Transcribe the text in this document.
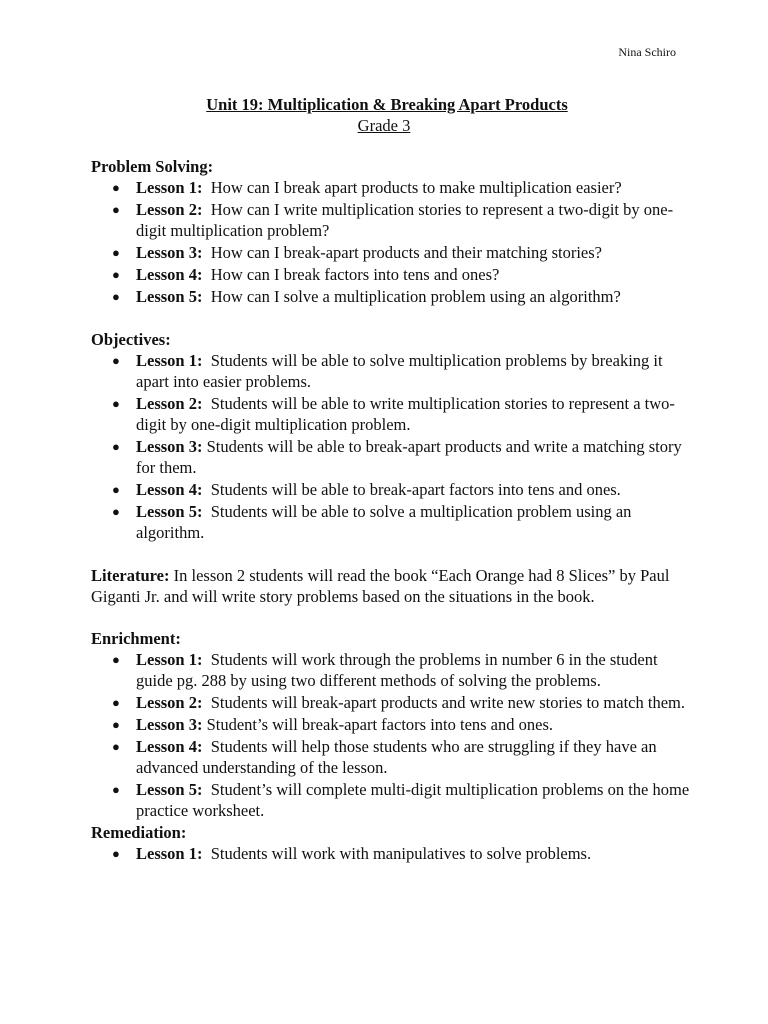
Nina Schiro
Unit 19: Multiplication & Breaking Apart Products
Grade 3

Problem Solving:

● Lesson 1: How can I break apart products to make multiplication easier?
● Lesson 2: How can I write multiplication stories to represent a two-digit by one-digit multiplication problem?
● Lesson 3: How can I break-apart products and their matching stories?
● Lesson 4: How can I break factors into tens and ones?
● Lesson 5: How can I solve a multiplication problem using an algorithm?

Objectives:

● Lesson 1: Students will be able to solve multiplication problems by breaking it apart into easier problems.
● Lesson 2: Students will be able to write multiplication stories to represent a two-digit by one-digit multiplication problem.
● Lesson 3: Students will be able to break-apart products and write a matching story for them.
● Lesson 4: Students will be able to break-apart factors into tens and ones.
● Lesson 5: Students will be able to solve a multiplication problem using an algorithm.

Literature: In lesson 2 students will read the book “Each Orange had 8 Slices” by Paul Giganti Jr. and will write story problems based on the situations in the book.

Enrichment:

● Lesson 1: Students will work through the problems in number 6 in the student guide pg. 288 by using two different methods of solving the problems.
● Lesson 2: Students will break-apart products and write new stories to match them.
● Lesson 3: Student’s will break-apart factors into tens and ones.
● Lesson 4: Students will help those students who are struggling if they have an advanced understanding of the lesson.
● Lesson 5: Student’s will complete multi-digit multiplication problems on the home practice worksheet.

Remediation:

● Lesson 1: Students will work with manipulatives to solve problems.
